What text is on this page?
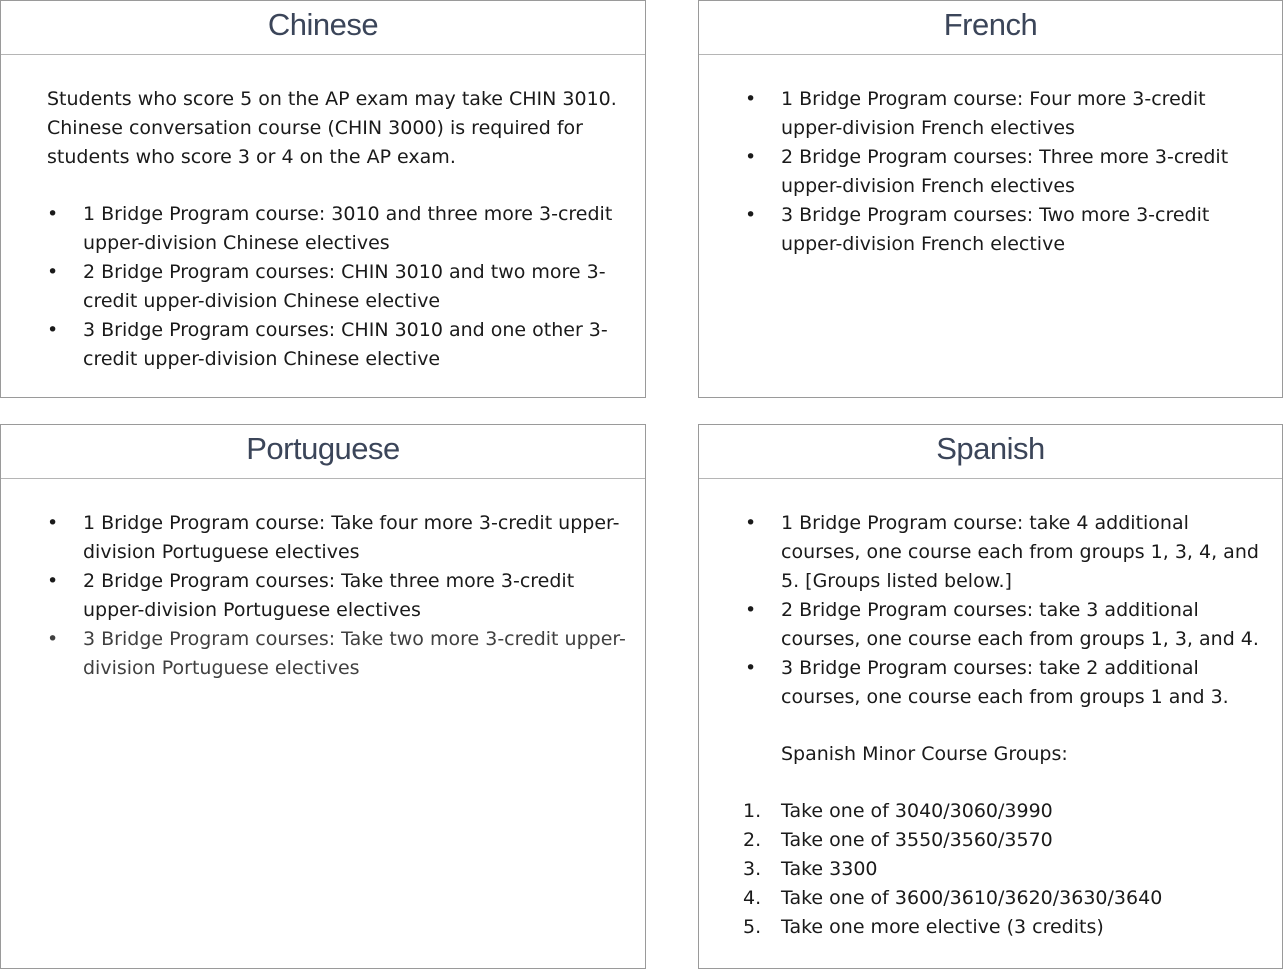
Chinese

Students who score 5 on the AP exam may take CHIN 3010. Chinese conversation course (CHIN 3000) is required for students who score 3 or 4 on the AP exam.

• 1 Bridge Program course: 3010 and three more 3-credit upper-division Chinese electives
• 2 Bridge Program courses: CHIN 3010 and two more 3-credit upper-division Chinese elective
• 3 Bridge Program courses: CHIN 3010 and one other 3-credit upper-division Chinese elective
French
• 1 Bridge Program course: Four more 3-credit upper-division French electives
• 2 Bridge Program courses: Three more 3-credit upper-division French electives
• 3 Bridge Program courses: Two more 3-credit upper-division French elective
Portuguese
• 1 Bridge Program course: Take four more 3-credit upper-division Portuguese electives
• 2 Bridge Program courses: Take three more 3-credit upper-division Portuguese electives
• 3 Bridge Program courses: Take two more 3-credit upper-division Portuguese electives
Spanish
• 1 Bridge Program course: take 4 additional courses, one course each from groups 1, 3, 4, and 5. [Groups listed below.]
• 2 Bridge Program courses: take 3 additional courses, one course each from groups 1, 3, and 4.
• 3 Bridge Program courses: take 2 additional courses, one course each from groups 1 and 3.
Spanish Minor Course Groups:
1. Take one of 3040/3060/3990
2. Take one of 3550/3560/3570
3. Take 3300
4. Take one of 3600/3610/3620/3630/3640
5. Take one more elective (3 credits)
